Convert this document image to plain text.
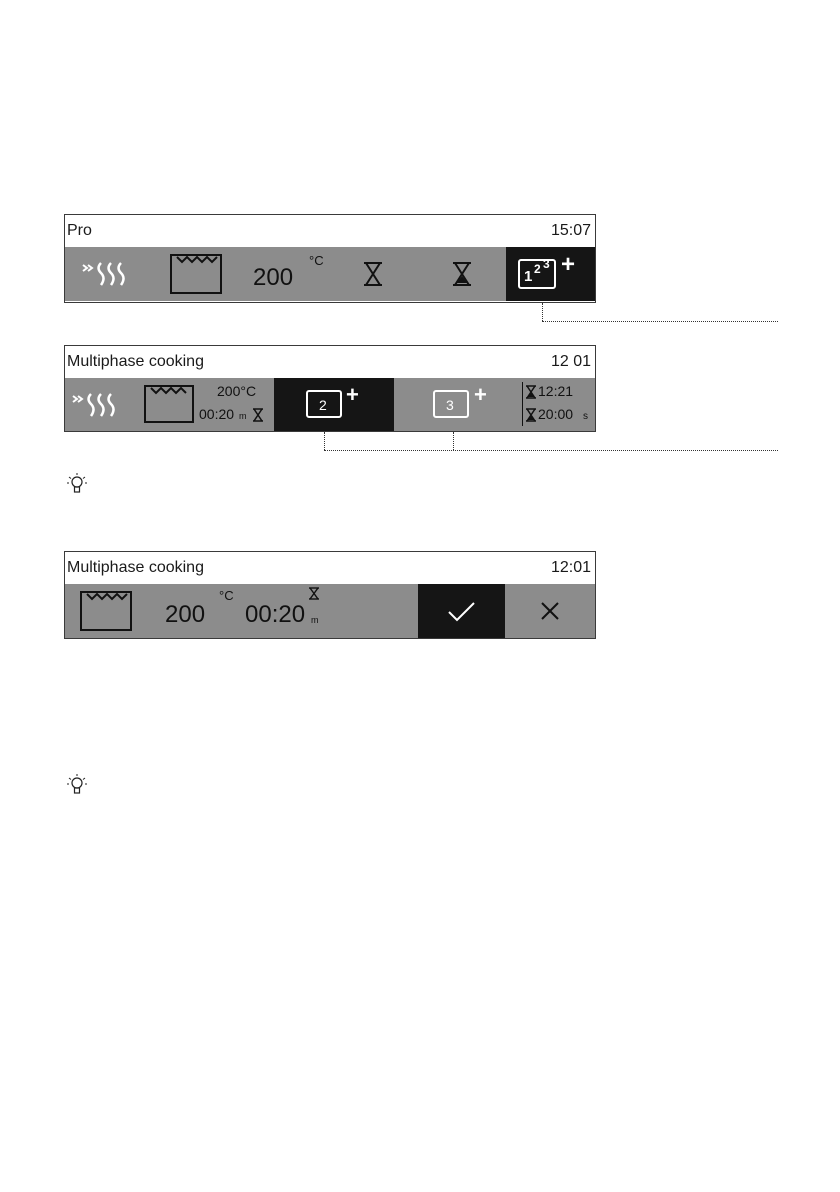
Pro	15:07
200
°C
1 2 3 +
Multiphase cooking	12 01
200°C
00:20 m
2 +	3 +	12:21
20:00 s
Multiphase cooking	12:01
200
°C
00:20 m
